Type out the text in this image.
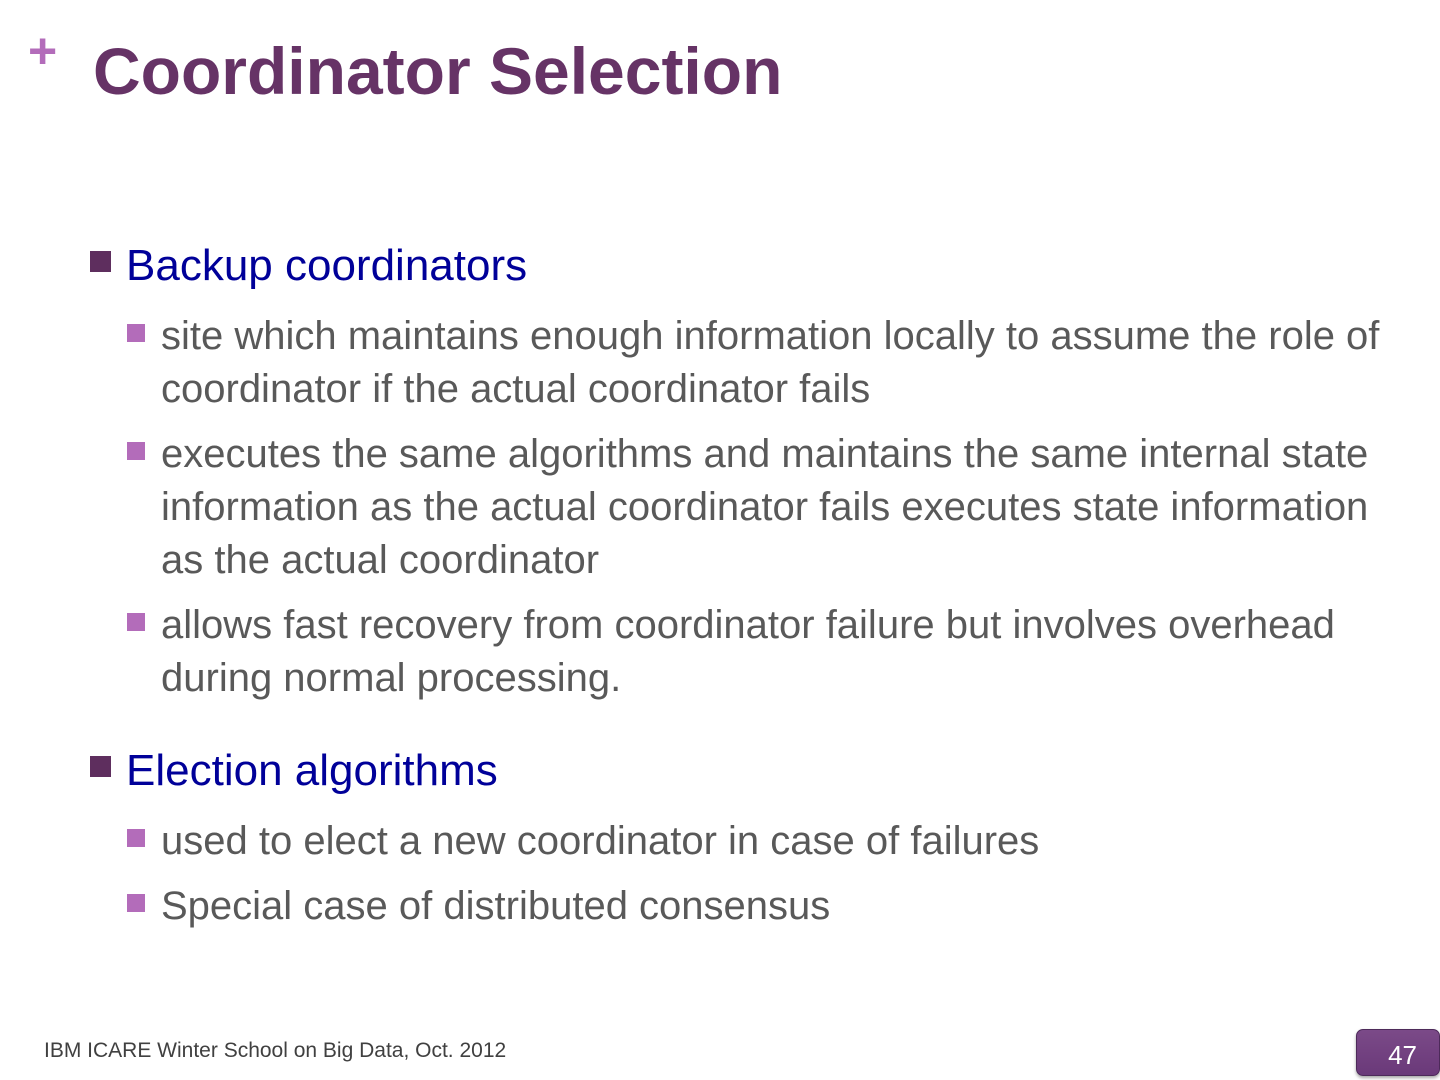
+ Coordinator Selection
Backup coordinators
site which maintains enough information locally to assume the role of coordinator if the actual coordinator fails
executes the same algorithms and maintains the same internal state information as the actual coordinator fails executes state information as the actual coordinator
allows fast recovery from coordinator failure but involves overhead during normal processing.
Election algorithms
used to elect a new coordinator in case of failures
Special case of distributed consensus
IBM ICARE Winter School on Big Data, Oct. 2012	47
